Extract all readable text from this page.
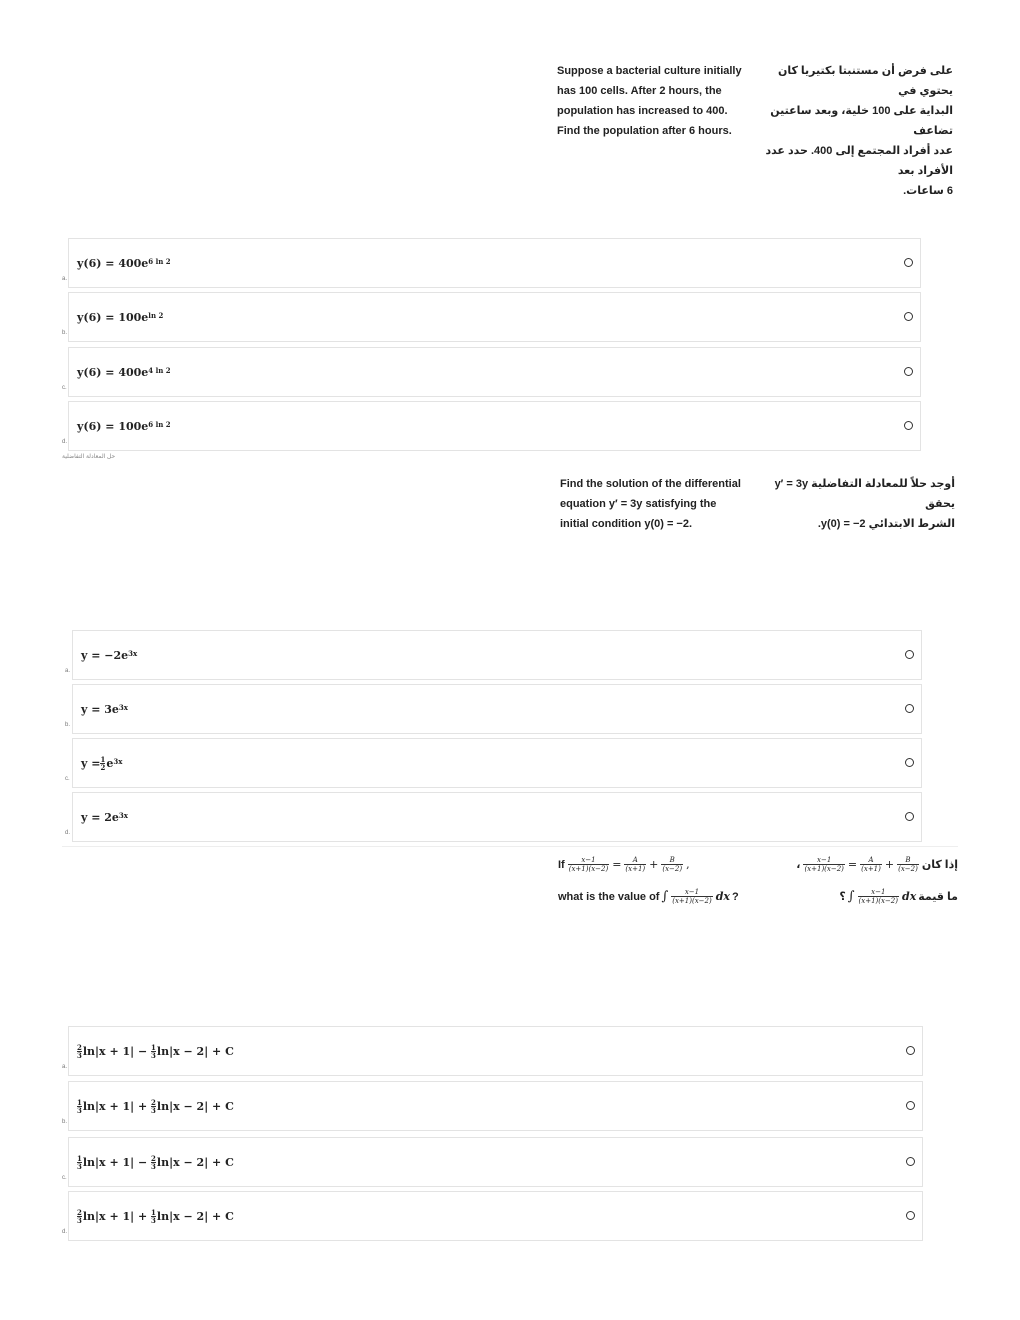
Suppose a bacterial culture initially
has 100 cells. After 2 hours, the
population has increased to 400.
Find the population after 6 hours.
على فرض أن مستنبتا بكتيريا كان يحتوي في
البداية على 100 خلية، وبعد ساعتين تضاعف
عدد أفراد المجتمع إلى 400. حدد عدد الأفراد بعد
6 ساعات.
$y(6) = 400e^{6 ln 2}$
a.
$y(6) = 100e^{ln 2}$
b.
$y(6) = 400e^{4 ln 2}$
c.
$y(6) = 100e^{6 ln 2}$
d.
حل المعادلة التفاضلية
Find the solution of the differential
equation y′ = 3y satisfying the
initial condition y(0) = −2.
أوجد حلاً للمعادلة التفاضلية y′ = 3y يحقق
الشرط الابتدائي y(0) = −2.
$y = -2e^{3x}$
a.
$y = 3e^{3x}$
b.
$y = \frac{1}{2} e^{3x}$
c.
$y = 2e^{3x}$
d.
If $\frac{x-1}{(x+1)(x-2)} = \frac{A}{(x+1)} + \frac{B}{(x-2)}$ ,
what is the value of ∫ $\frac{x-1}{(x+1)(x-2)}$ dx ?
إذا كان
$\frac{x-1}{(x+1)(x-2)} = \frac{A}{(x+1)} + \frac{B}{(x-2)}$
،
ما قيمة
∫ $\frac{x-1}{(x+1)(x-2)}$ dx
؟
2
3 ln|x + 1| −
$\frac{1}{3} \ln|x - 2| + C$
a.
1
3 ln|x + 1| +
$\frac{2}{3} \ln|x - 2| + C$
b.
1
3 ln|x + 1| −
$\frac{2}{3} \ln|x - 2| + C$
c.
2
3 ln|x + 1| +
$\frac{1}{3} \ln|x - 2| + C$
d.
